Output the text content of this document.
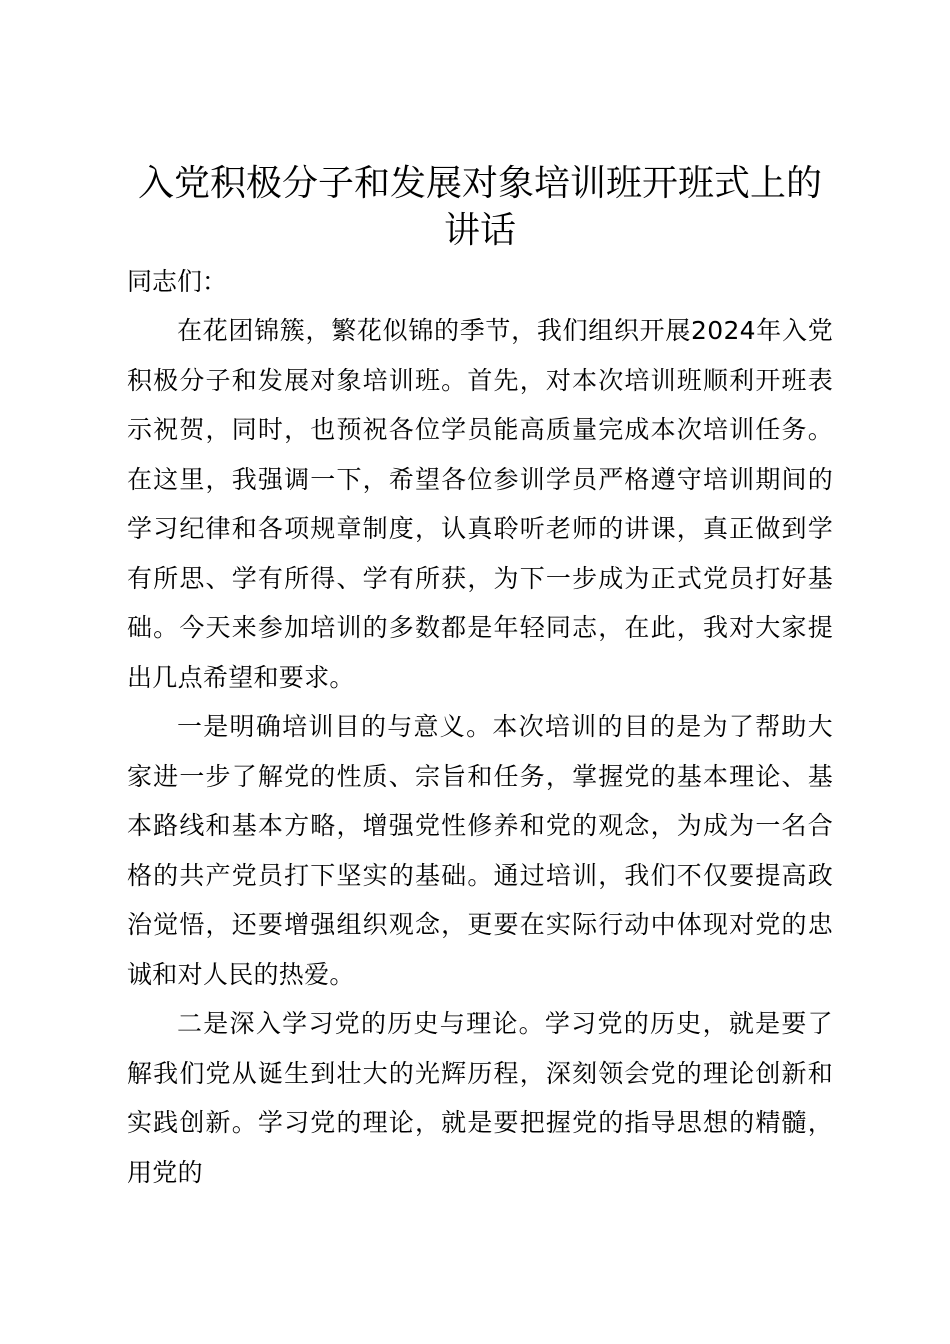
入党积极分子和发展对象培训班开班式上的讲话

同志们：

在花团锦簇，繁花似锦的季节，我们组织开展2024年入党积极分子和发展对象培训班。首先，对本次培训班顺利开班表示祝贺，同时，也预祝各位学员能高质量完成本次培训任务。在这里，我强调一下，希望各位参训学员严格遵守培训期间的学习纪律和各项规章制度，认真聆听老师的讲课，真正做到学有所思、学有所得、学有所获，为下一步成为正式党员打好基础。今天来参加培训的多数都是年轻同志，在此，我对大家提出几点希望和要求。

一是明确培训目的与意义。本次培训的目的是为了帮助大家进一步了解党的性质、宗旨和任务，掌握党的基本理论、基本路线和基本方略，增强党性修养和党的观念，为成为一名合格的共产党员打下坚实的基础。通过培训，我们不仅要提高政治觉悟，还要增强组织观念，更要在实际行动中体现对党的忠诚和对人民的热爱。

二是深入学习党的历史与理论。学习党的历史，就是要了解我们党从诞生到壮大的光辉历程，深刻领会党的理论创新和实践创新。学习党的理论，就是要把握党的指导思想的精髓，用党的
